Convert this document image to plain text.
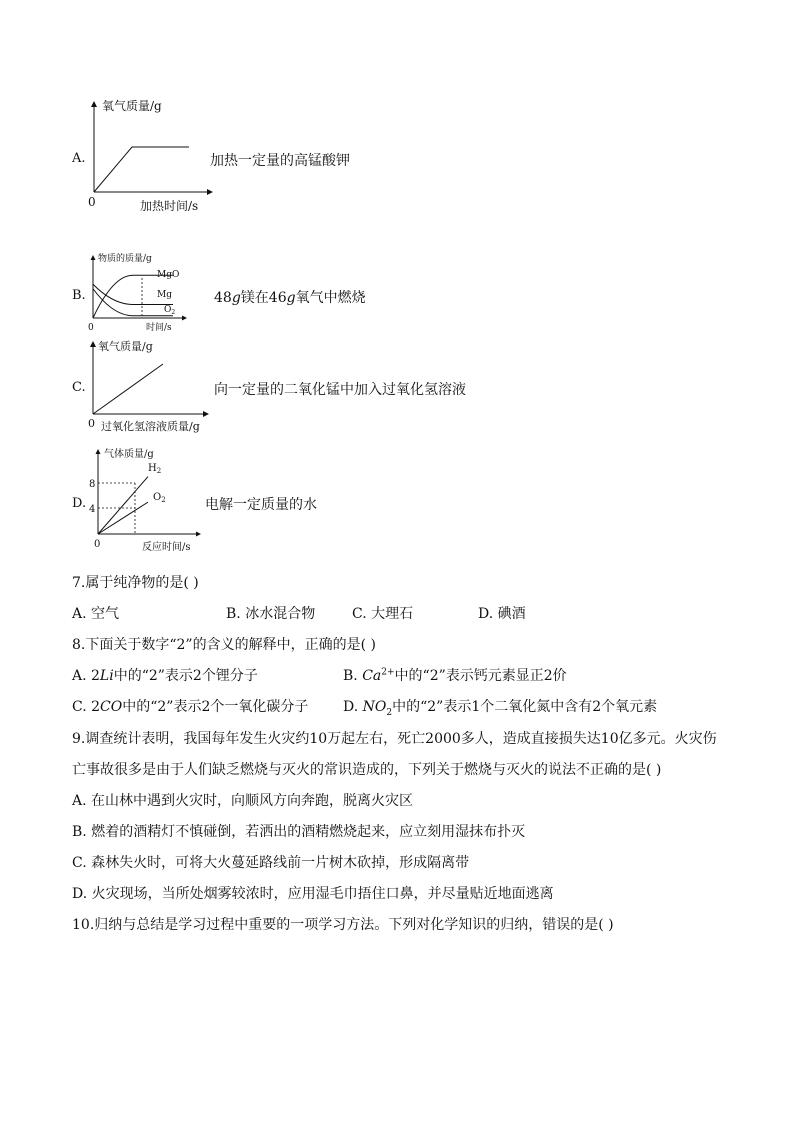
A.
氧气质量/g
0	加热时间/s
加热一定量的高锰酸钾
B.
物质的质量/g
MgO
Mg
$O_2$
0	时间/s
48g镁在46g氧气中燃烧
C.
氧气质量/g
0 过氧化氢溶液质量/g
向一定量的二氧化锰中加入过氧化氢溶液
D.
气体质量/g
8
4
$H_2$
$O_2$
0	反应时间/s
电解一定质量的水
7.属于纯净物的是( )
A. 空气	B. 冰水混合物	C. 大理石	D. 碘酒
8.下面关于数字“2”的含义的解释中，正确的是( )
A. 2Li中的“2”表示2个锂分子	B. $Ca^{2+}$中的“2”表示钙元素显正2价
C. 2CO中的“2”表示2个一氧化碳分子 D. $NO_2$中的“2”表示1个二氧化氮中含有2个氧元素
9.调查统计表明，我国每年发生火灾约10万起左右，死亡2000多人，造成直接损失达10亿多元。火灾伤
亡事故很多是由于人们缺乏燃烧与灭火的常识造成的，下列关于燃烧与灭火的说法不正确的是( )
A. 在山林中遇到火灾时，向顺风方向奔跑，脱离火灾区
B. 燃着的酒精灯不慎碰倒，若洒出的酒精燃烧起来，应立刻用湿抹布扑灭
C. 森林失火时，可将大火蔓延路线前一片树木砍掉，形成隔离带
D. 火灾现场，当所处烟雾较浓时，应用湿毛巾捂住口鼻，并尽量贴近地面逃离
10.归纳与总结是学习过程中重要的一项学习方法。下列对化学知识的归纳，错误的是( )
